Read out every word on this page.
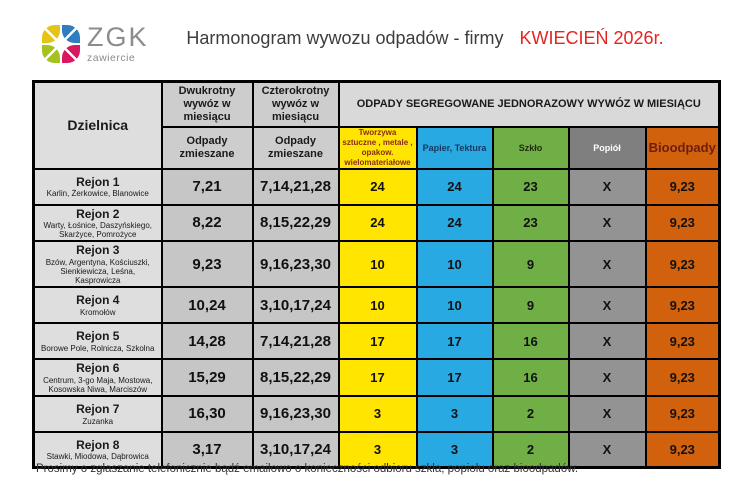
ZGK
zawiercie
Harmonogram wywozu odpadów - firmy KWIECIEŃ 2026r.
Dzielnica	Dwukrotny wywóz w miesiącu	Czterokrotny wywóz w miesiącu	ODPADY SEGREGOWANE JEDNORAZOWY WYWÓZ W MIESIĄCU				
	Odpady zmieszane	Odpady zmieszane	Tworzywa sztuczne , metale , opakow. wielomateriałowe	Papier, Tektura	Szkło	Popiół	Bioodpady

Rejon 1
Karlin, Żerkowice, Blanowice	7,21	7,14,21,28	24	24	23	X	9,23

Rejon 2
Warty, Łośnice, Daszyńskiego, Skarżyce, Pomrożyce	8,22	8,15,22,29	24	24	23	X	9,23

Rejon 3
Bzów, Argentyna, Kościuszki, Sienkiewicza, Leśna, Kasprowicza	9,23	9,16,23,30	10	10	9	X	9,23

Rejon 4
Kromołów	10,24	3,10,17,24	10	10	9	X	9,23

Rejon 5
Borowe Pole, Rolnicza, Szkolna	14,28	7,14,21,28	17	17	16	X	9,23

Rejon 6
Centrum, 3-go Maja, Mostowa, Kosowska Niwa, Marciszów	15,29	8,15,22,29	17	17	16	X	9,23

Rejon 7
Zuzanka	16,30	9,16,23,30	3	3	2	X	9,23

Rejon 8
Stawki, Miodowa, Dąbrowica	3,17	3,10,17,24	3	3	2	X	9,23

Prosimy o zgłaszanie telefonicznie bądź emailowo o konieczności odbioru szkła, popiołu oraz bioodpadów.
